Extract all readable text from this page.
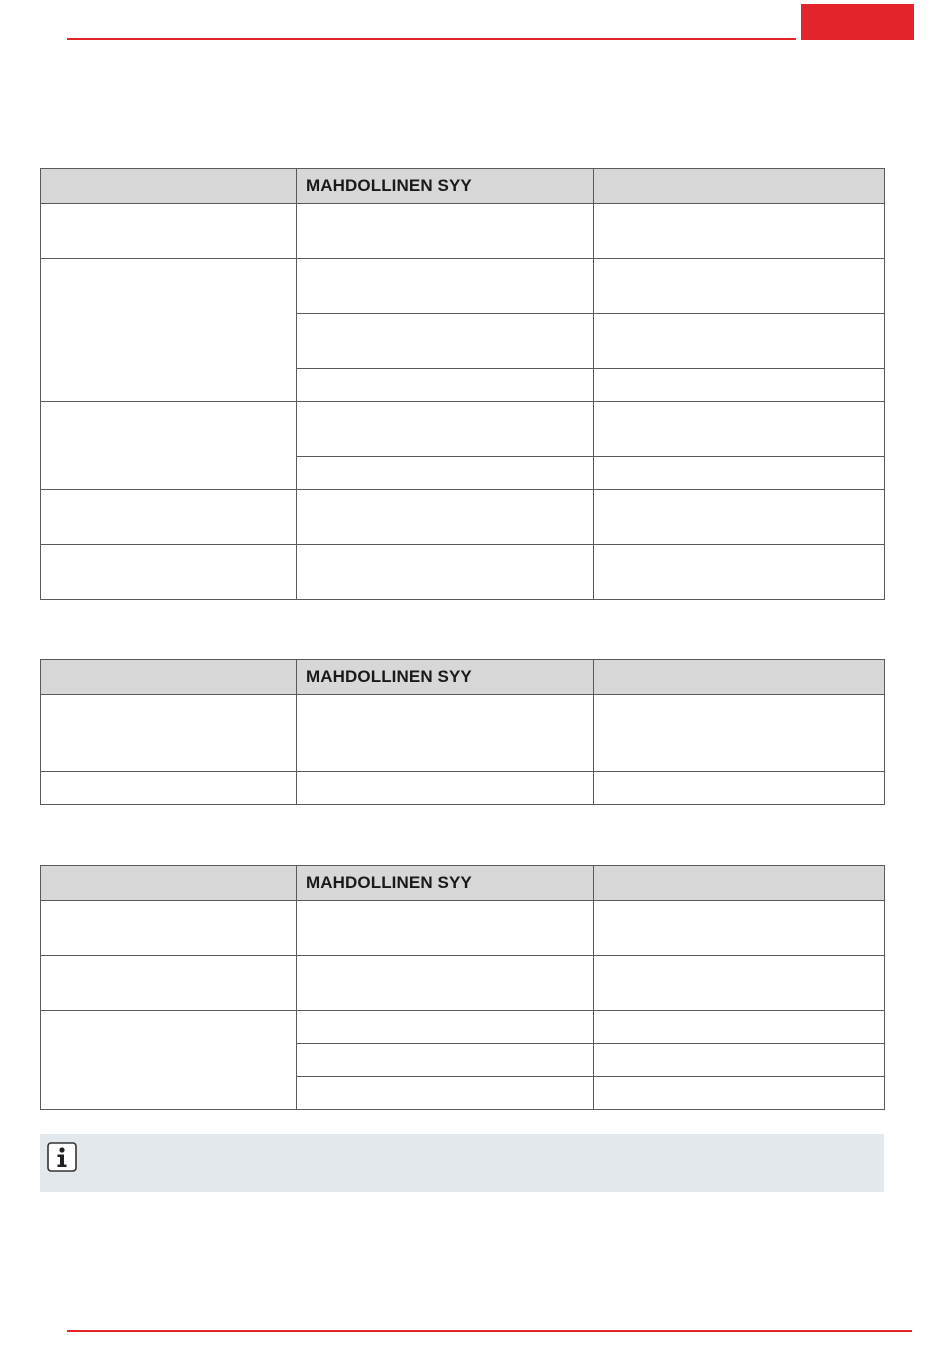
	MAHDOLLINEN SYY	

	MAHDOLLINEN SYY	

	MAHDOLLINEN SYY	
